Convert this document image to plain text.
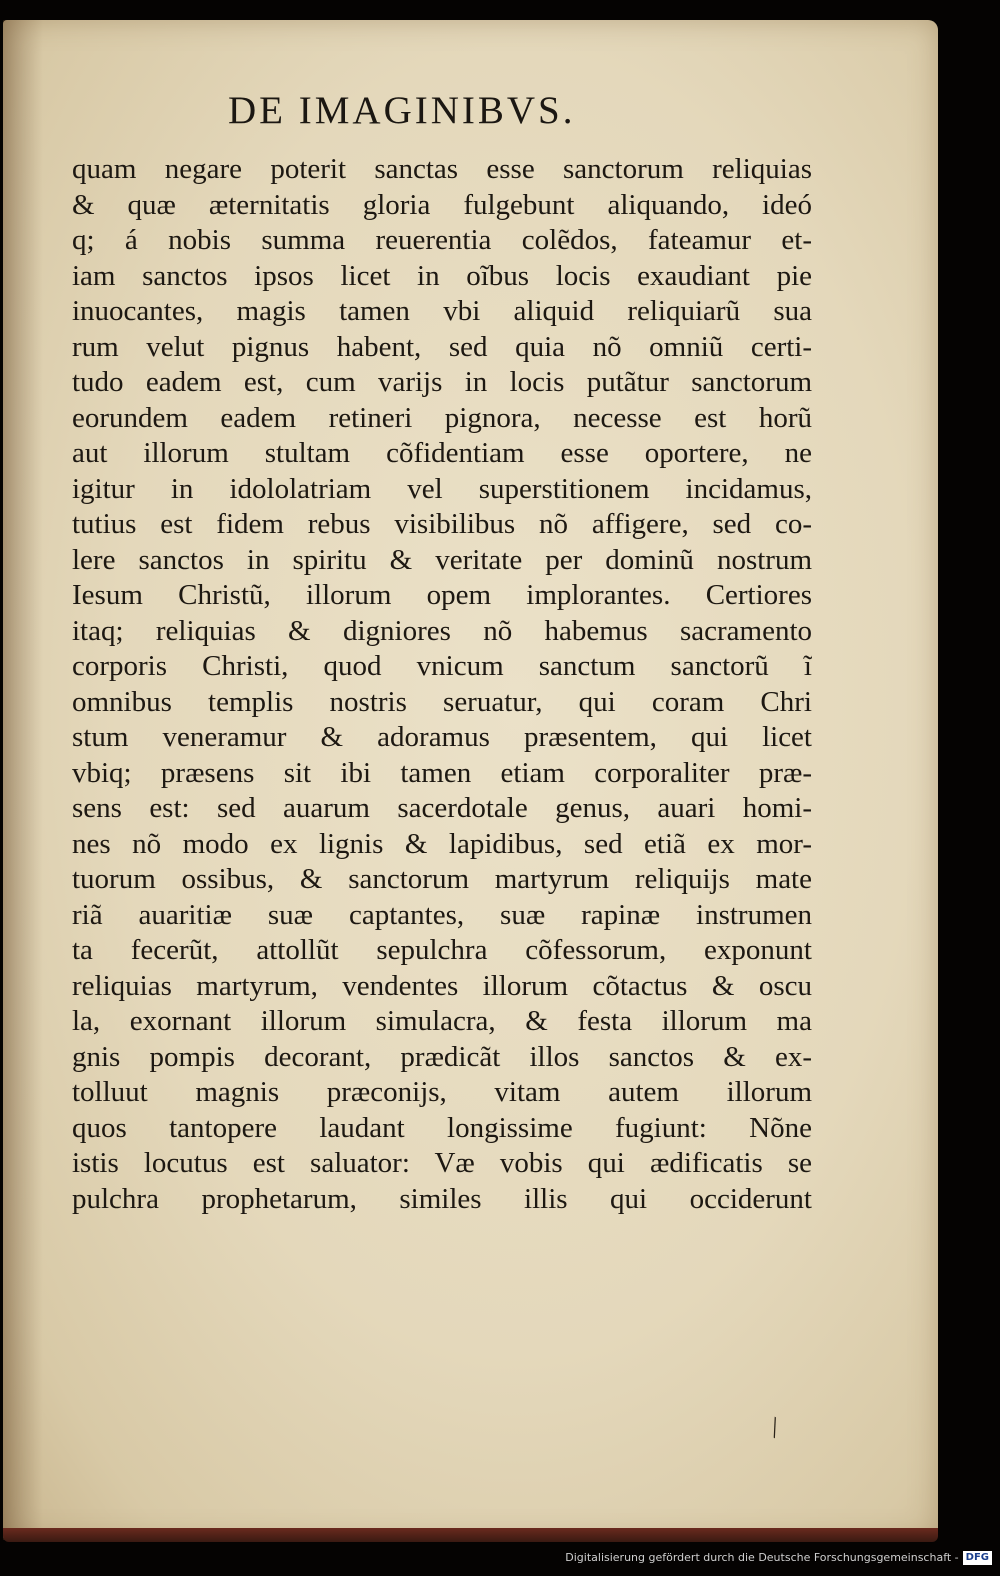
DE IMAGINIBVS.
quam negare poterit sanctas esse sanctorum reliquias
& quæ æternitatis gloria fulgebunt aliquando, ideó
q; á nobis summa reuerentia colẽdos, fateamur et-
iam sanctos ipsos licet in oĩbus locis exaudiant pie
inuocantes, magis tamen vbi aliquid reliquiarũ sua
rum velut pignus habent, sed quia nõ omniũ certi-
tudo eadem est, cum varijs in locis putãtur sanctorum
eorundem eadem retineri pignora, necesse est horũ
aut illorum stultam cõfidentiam esse oportere, ne
igitur in idololatriam vel superstitionem incidamus,
tutius est fidem rebus visibilibus nõ affigere, sed co-
lere sanctos in spiritu & veritate per dominũ nostrum
Iesum Christũ, illorum opem implorantes. Certiores
itaq; reliquias & digniores nõ habemus sacramento
corporis Christi, quod vnicum sanctum sanctorũ ĩ
omnibus templis nostris seruatur, qui coram Chri
stum veneramur & adoramus præsentem, qui licet
vbiq; præsens sit ibi tamen etiam corporaliter præ-
sens est: sed auarum sacerdotale genus, auari homi-
nes nõ modo ex lignis & lapidibus, sed etiã ex mor-
tuorum ossibus, & sanctorum martyrum reliquijs mate
riã auaritiæ suæ captantes, suæ rapinæ instrumen
ta fecerũt, attollũt sepulchra cõfessorum, exponunt
reliquias martyrum, vendentes illorum cõtactus & oscu
la, exornant illorum simulacra, & festa illorum ma
gnis pompis decorant, prædicãt illos sanctos & ex-
tolluut magnis præconijs, vitam autem illorum
quos tantopere laudant longissime fugiunt: Nõne
istis locutus est saluator: Væ vobis qui ædificatis se
pulchra prophetarum, similes illis qui occiderunt
╲
Digitalisierung gefördert durch die Deutsche Forschungsgemeinschaft - DFG
